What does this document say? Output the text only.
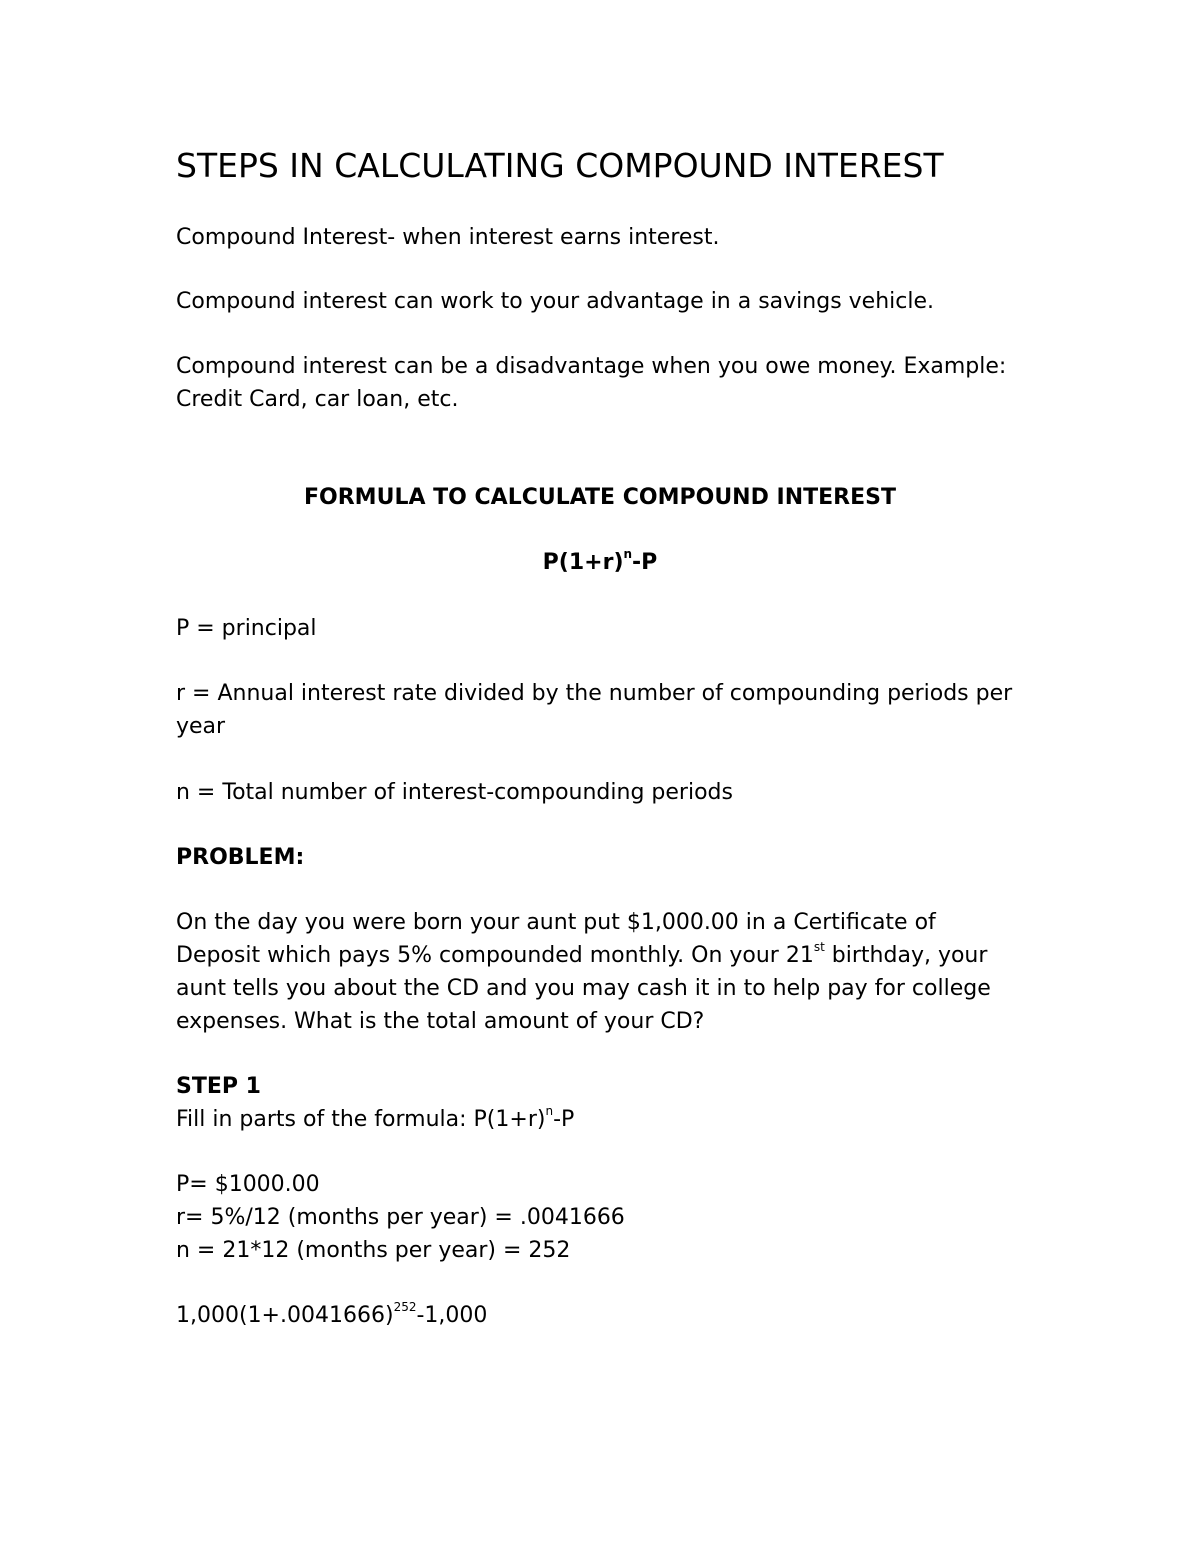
STEPS IN CALCULATING COMPOUND INTEREST
Compound Interest- when interest earns interest.
Compound interest can work to your advantage in a savings vehicle.
Compound interest can be a disadvantage when you owe money. Example:
Credit Card, car loan, etc.
FORMULA TO CALCULATE COMPOUND INTEREST
$P(1+r)^n-P$
P = principal
r = Annual interest rate divided by the number of compounding periods per
year
n = Total number of interest-compounding periods
PROBLEM:
On the day you were born your aunt put $1,000.00 in a Certificate of
Deposit which pays 5% compounded monthly. On your 21st birthday, your
aunt tells you about the CD and you may cash it in to help pay for college
expenses. What is the total amount of your CD?
STEP 1
Fill in parts of the formula: $P(1+r)^n-P$
P= $1000.00
r= 5%/12 (months per year) = .0041666
n = 21*12 (months per year) = 252
$1,000(1+.0041666)^{252}-1,000$
